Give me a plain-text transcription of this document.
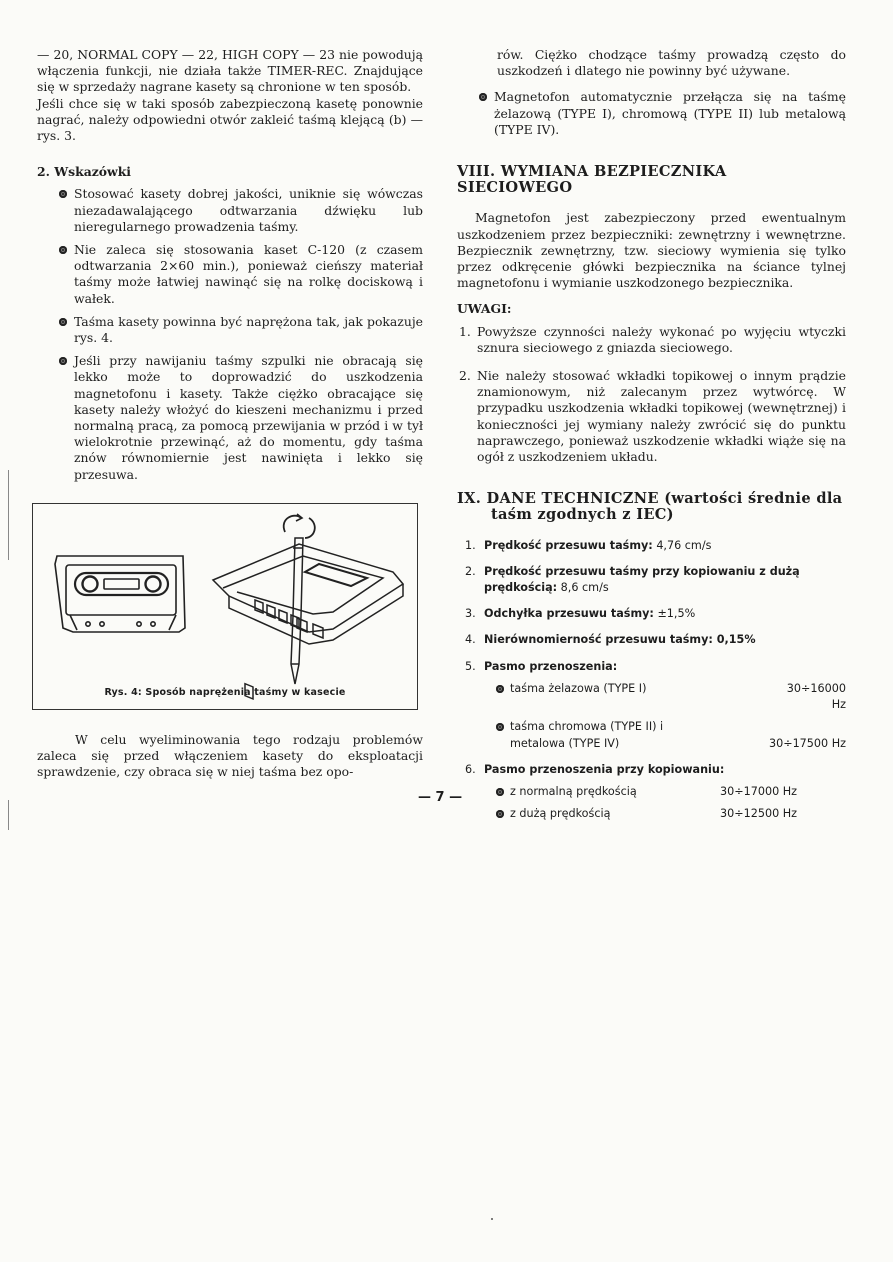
— 20, NORMAL COPY — 22, HIGH COPY — 23 nie powodują włączenia funkcji, nie działa także TIMER-REC. Znajdujące się w sprzedaży nagrane kasety są chronione w ten sposób.

Jeśli chce się w taki sposób zabezpieczoną kasetę ponownie nagrać, należy odpowiedni otwór zakleić taśmą klejącą (b) — rys. 3.

2. Wskazówki
Stosować kasety dobrej jakości, uniknie się wówczas niezadawalającego odtwarzania dźwięku lub nieregularnego prowadzenia taśmy.
Nie zaleca się stosowania kaset C-120 (z czasem odtwarzania 2×60 min.), ponieważ cieńszy materiał taśmy może łatwiej nawinąć się na rolkę dociskową i wałek.
Taśma kasety powinna być naprężona tak, jak pokazuje rys. 4.
Jeśli przy nawijaniu taśmy szpulki nie obracają się lekko może to doprowadzić do uszkodzenia magnetofonu i kasety. Także ciężko obracające się kasety należy włożyć do kieszeni mechanizmu i przed normalną pracą, za pomocą przewijania w przód i w tył wielokrotnie przewinąć, aż do momentu, gdy taśma znów równomiernie jest nawinięta i lekko się przesuwa.
Rys. 4: Sposób naprężenia taśmy w kasecie

W celu wyeliminowania tego rodzaju problemów zaleca się przed włączeniem kasety do eksploatacji sprawdzenie, czy obraca się w niej taśma bez opo-

rów. Ciężko chodzące taśmy prowadzą często do uszkodzeń i dlatego nie powinny być używane.

Magnetofon automatycznie przełącza się na taśmę żelazową (TYPE I), chromową (TYPE II) lub metalową (TYPE IV).
VIII. WYMIANA BEZPIECZNIKA SIECIOWEGO

Magnetofon jest zabezpieczony przed ewentualnym uszkodzeniem przez bezpieczniki: zewnętrzny i wewnętrzne. Bezpiecznik zewnętrzny, tzw. sieciowy wymienia się tylko przez odkręcenie główki bezpiecznika na ściance tylnej magnetofonu i wymianie uszkodzonego bezpiecznika.

UWAGI:
1. Powyższe czynności należy wykonać po wyjęciu wtyczki sznura sieciowego z gniazda sieciowego.
2. Nie należy stosować wkładki topikowej o innym prądzie znamionowym, niż zalecanym przez wytwórcę. W przypadku uszkodzenia wkładki topikowej (wewnętrznej) i konieczności jej wymiany należy zwrócić się do punktu naprawczego, ponieważ uszkodzenie wkładki wiąże się na ogół z uszkodzeniem układu.
IX. DANE TECHNICZNE (wartości średnie dla
taśm zgodnych z IEC)
1. Prędkość przesuwu taśmy: 4,76 cm/s
2. Prędkość przesuwu taśmy przy kopiowaniu z dużą prędkością: 8,6 cm/s
3. Odchyłka przesuwu taśmy: ±1,5%
4. Nierównomierność przesuwu taśmy: 0,15%
5. Pasmo przenoszenia:
taśma żelazowa (TYPE I)	30÷16000 Hz
taśma chromowa (TYPE II) i metalowa (TYPE IV)	30÷17500 Hz
6. Pasmo przenoszenia przy kopiowaniu:
z normalną prędkością	30÷17000 Hz
z dużą prędkością	30÷12500 Hz
— 7 —
